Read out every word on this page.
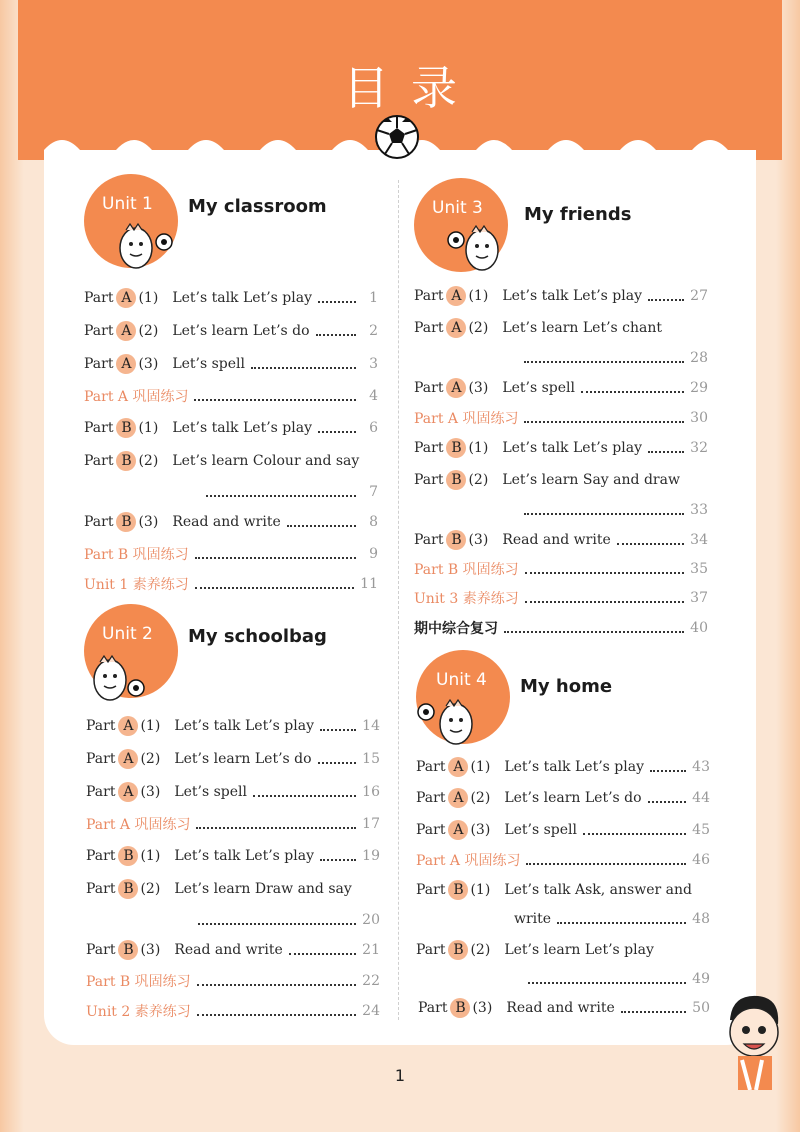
目录
Unit 1 My classroom
Unit 2 My schoolbag
Unit 3 My friends
Unit 4 My home
Part A (1) Let’s talk Let’s play	1
Part A (2) Let’s learn Let’s do	2
Part A (3) Let’s spell	3
Part A 巩固练习	4
Part B (1) Let’s talk Let’s play	6
Part B (2) Let’s learn Colour and say
7
Part B (3) Read and write	8
Part B 巩固练习	9
Unit 1 素养练习	11
Part A (1) Let’s talk Let’s play	14
Part A (2) Let’s learn Let’s do	15
Part A (3) Let’s spell	16
Part A 巩固练习	17
Part B (1) Let’s talk Let’s play	19
Part B (2) Let’s learn Draw and say
20
Part B (3) Read and write	21
Part B 巩固练习	22
Unit 2 素养练习	24
Part A (1) Let’s talk Let’s play	27
Part A (2) Let’s learn Let’s chant
28
Part A (3) Let’s spell	29
Part A 巩固练习	30
Part B (1) Let’s talk Let’s play	32
Part B (2) Let’s learn Say and draw
33
Part B (3) Read and write	34
Part B 巩固练习	35
Unit 3 素养练习	37
期中综合复习	40
Part A (1) Let’s talk Let’s play	43
Part A (2) Let’s learn Let’s do	44
Part A (3) Let’s spell	45
Part A 巩固练习	46
Part B (1) Let’s talk Ask, answer and
write	48
Part B (2) Let’s learn Let’s play
49
Part B (3) Read and write	50
1
